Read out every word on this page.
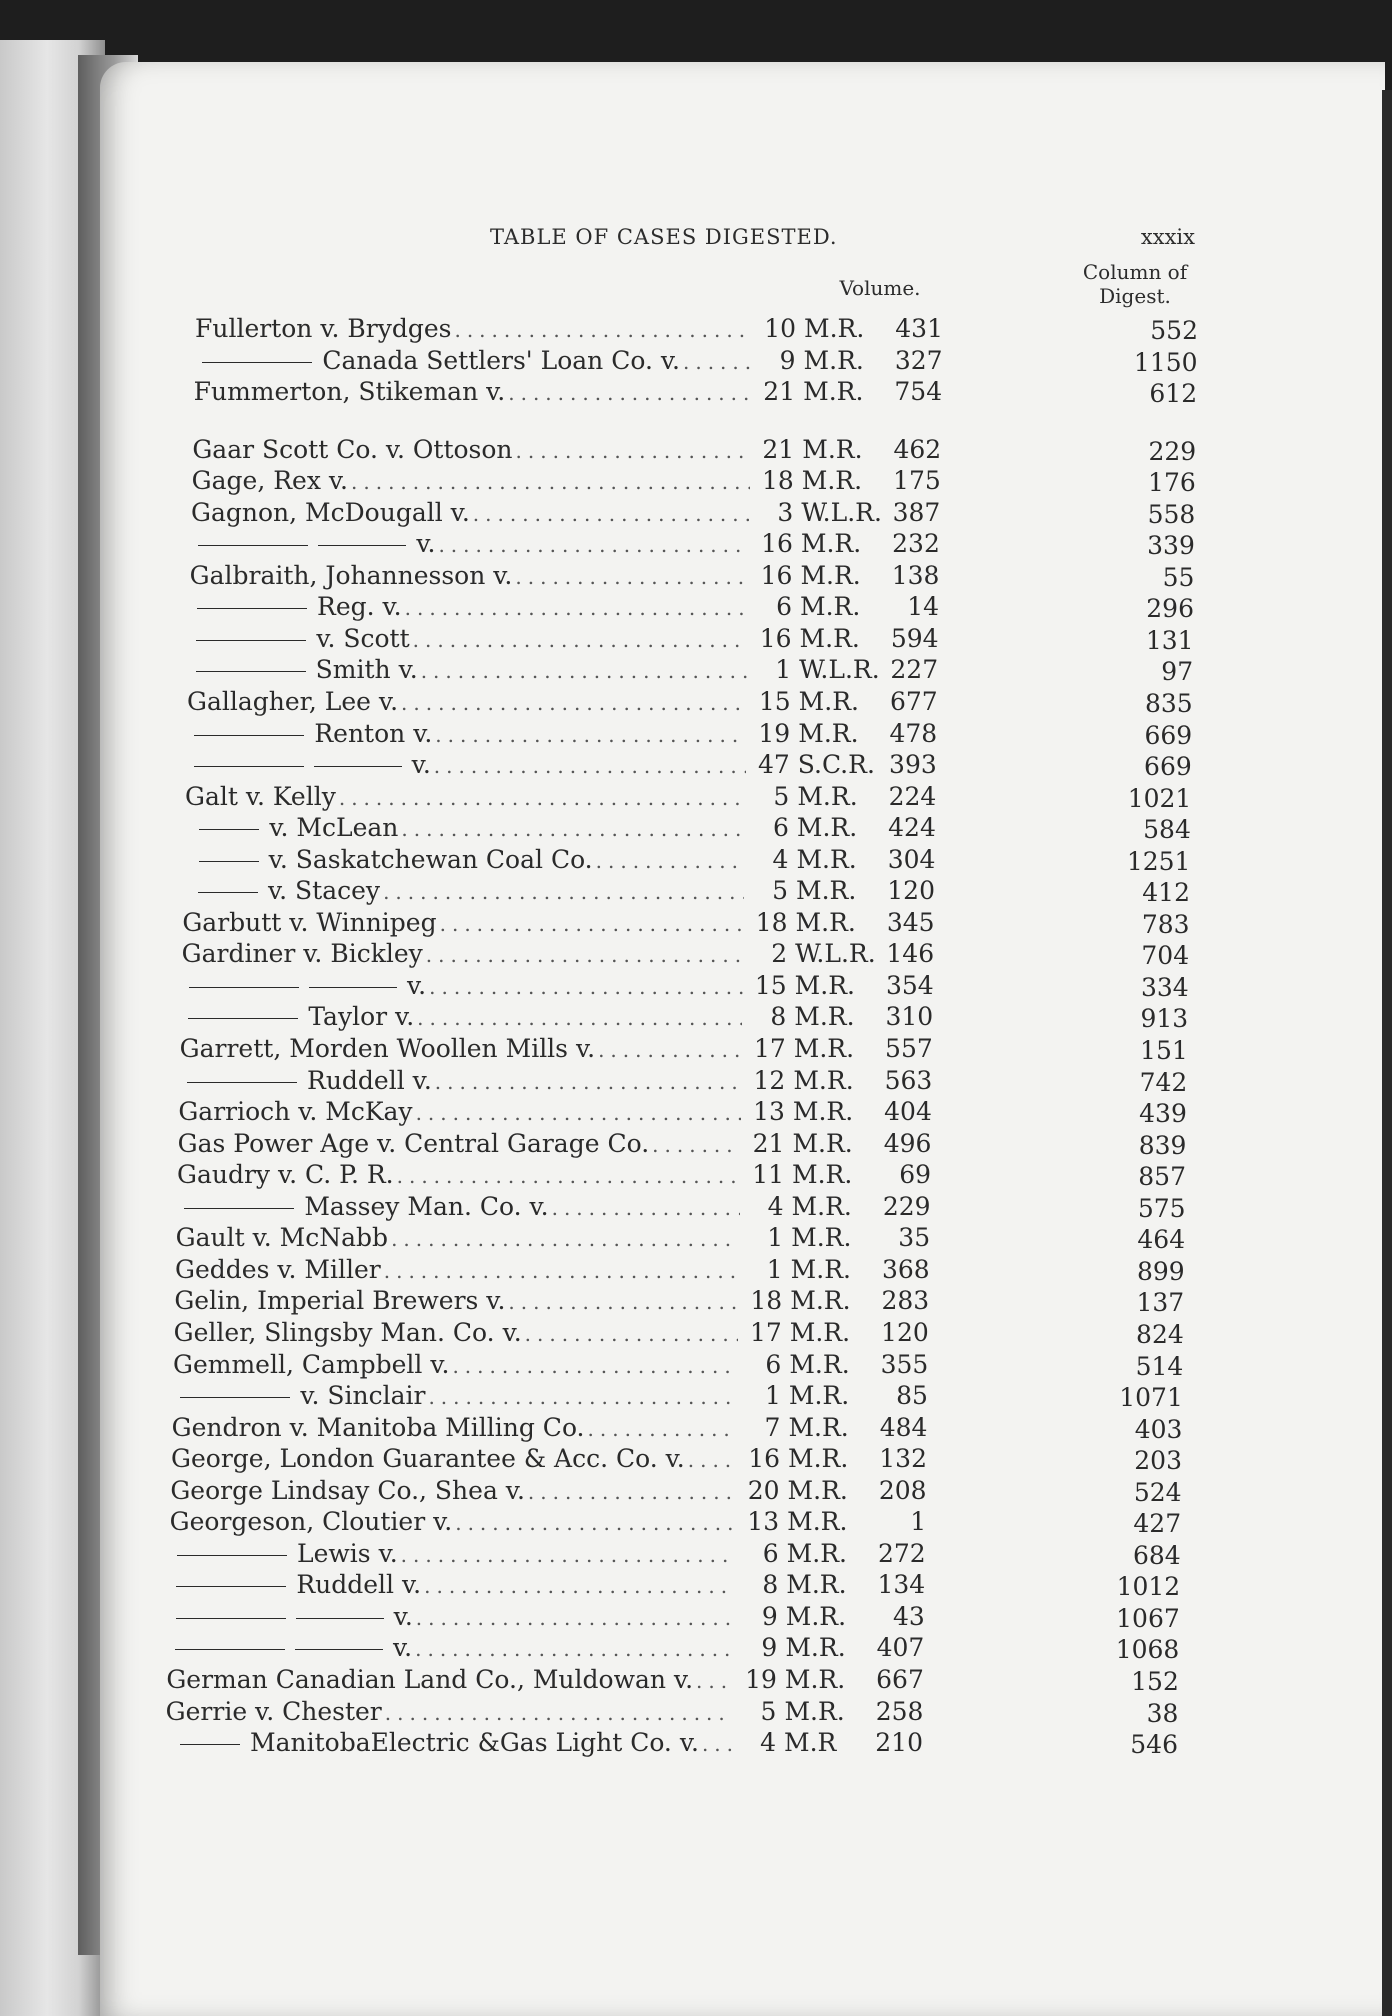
TABLE OF CASES DIGESTED.	xxxix
Volume.
Column of Digest.
Fullerton v. Brydges .....	10 M.R.	431	552
Canada Settlers' Loan Co. v. .....	9 M.R.	327	1150
Fummerton, Stikeman v. .....	21 M.R.	754	612
Gaar Scott Co. v. Ottoson .....	21 M.R.	462	229
Gage, Rex v. .....	18 M.R.	175	176
Gagnon, McDougall v. .....	3 W.L.R. 387	558
v. .....	16 M.R.	232	339
Galbraith, Johannesson v. .....	16 M.R.	138	55
Reg. v. .....	6 M.R.	14	296
v. Scott .....	16 M.R.	594	131
Smith v. .....	1 W.L.R. 227	97
Gallagher, Lee v. .....	15 M.R.	677	835
Renton v. .....	19 M.R.	478	669
v. .....	47 S.C.R. 393	669
Galt v. Kelly .....	5 M.R.	224	1021
v. McLean .....	6 M.R.	424	584
v. Saskatchewan Coal Co. .....	4 M.R.	304	1251
v. Stacey .....	5 M.R.	120	412
Garbutt v. Winnipeg .....	18 M.R.	345	783
Gardiner v. Bickley .....	2 W.L.R. 146	704
v. .....	15 M.R.	354	334
Taylor v. .....	8 M.R.	310	913
Garrett, Morden Woollen Mills v. .....	17 M.R.	557	151
Ruddell v. .....	12 M.R.	563	742
Garrioch v. McKay .....	13 M.R.	404	439
Gas Power Age v. Central Garage Co. .....	21 M.R.	496	839
Gaudry v. C. P. R. .....	11 M.R.	69	857
Massey Man. Co. v. .....	4 M.R.	229	575
Gault v. McNabb .....	1 M.R.	35	464
Geddes v. Miller .....	1 M.R.	368	899
Gelin, Imperial Brewers v. .....	18 M.R.	283	137
Geller, Slingsby Man. Co. v. .....	17 M.R.	120	824
Gemmell, Campbell v. .....	6 M.R.	355	514
v. Sinclair .....	1 M.R.	85	1071
Gendron v. Manitoba Milling Co. .....	7 M.R.	484	403
George, London Guarantee & Acc. Co. v. .....	16 M.R.	132	203
George Lindsay Co., Shea v. .....	20 M.R.	208	524
Georgeson, Cloutier v. .....	13 M.R.	1	427
Lewis v. .....	6 M.R.	272	684
Ruddell v. .....	8 M.R.	134	1012
v. .....	9 M.R.	43	1067
v. .....	9 M.R.	407	1068
German Canadian Land Co., Muldowan v. .....	19 M.R.	667	152
Gerrie v. Chester .....	5 M.R.	258	38
ManitobaElectric &Gas Light Co. v. .....	4 M.R	210	546
